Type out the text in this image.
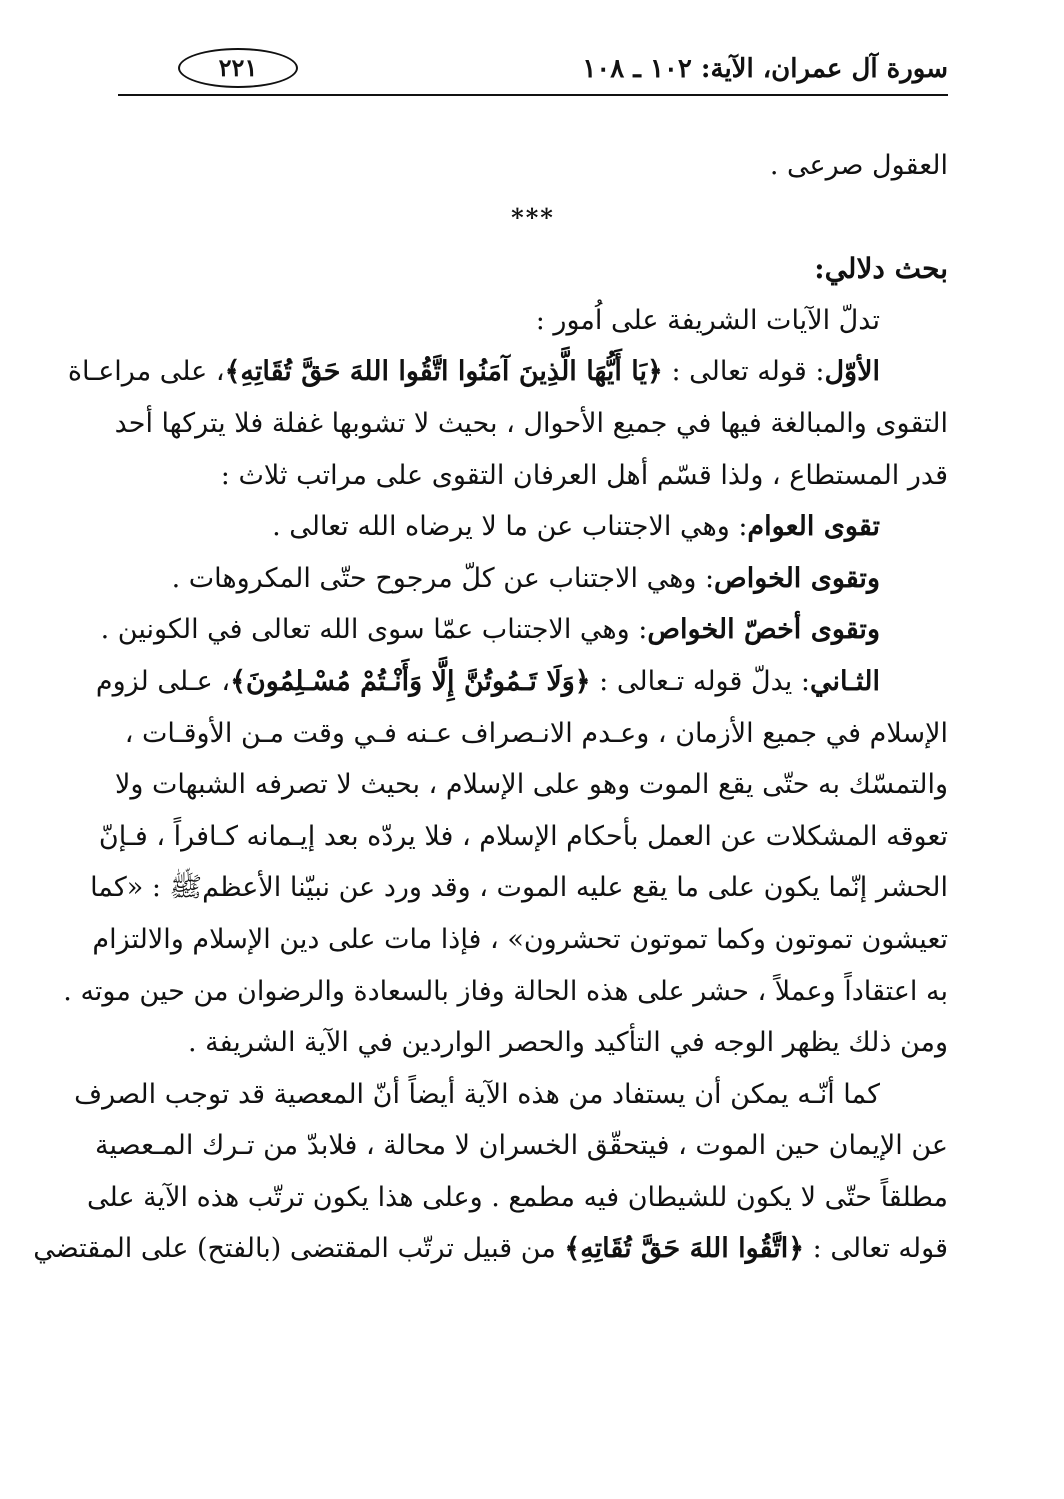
سورة آل عمران، الآية: ١٠٢ ـ ١٠٨
٢٢١
العقول صرعى .
***
بحث دلالي:
تدلّ الآيات الشريفة على اُمور :
الأوّل: قوله تعالى : ﴿يَا أَيُّهَا الَّذِينَ آمَنُوا اتَّقُوا اللهَ حَقَّ تُقَاتِهِ﴾، على مراعـاة
التقوى والمبالغة فيها في جميع الأحوال ، بحيث لا تشوبها غفلة فلا يتركها أحد
قدر المستطاع ، ولذا قسّم أهل العرفان التقوى على مراتب ثلاث :
تقوى العوام: وهي الاجتناب عن ما لا يرضاه الله تعالى .
وتقوى الخواص: وهي الاجتناب عن كلّ مرجوح حتّى المكروهات .
وتقوى أخصّ الخواص: وهي الاجتناب عمّا سوى الله تعالى في الكونين .
الثـاني: يدلّ قوله تـعالى : ﴿وَلَا تَـمُوتُنَّ إِلَّا وَأَنْـتُمْ مُسْـلِمُونَ﴾، عـلى لزوم
الإسلام في جميع الأزمان ، وعـدم الانـصراف عـنه فـي وقت مـن الأوقـات ،
والتمسّك به حتّى يقع الموت وهو على الإسلام ، بحيث لا تصرفه الشبهات ولا
تعوقه المشكلات عن العمل بأحكام الإسلام ، فلا يردّه بعد إيـمانه كـافراً ، فـإنّ
الحشر إنّما يكون على ما يقع عليه الموت ، وقد ورد عن نبيّنا الأعظمﷺ : «كما
تعيشون تموتون وكما تموتون تحشرون» ، فإذا مات على دين الإسلام والالتزام
به اعتقاداً وعملاً ، حشر على هذه الحالة وفاز بالسعادة والرضوان من حين موته .
ومن ذلك يظهر الوجه في التأكيد والحصر الواردين في الآية الشريفة .
كما أنّـه يمكن أن يستفاد من هذه الآية أيضاً أنّ المعصية قد توجب الصرف
عن الإيمان حين الموت ، فيتحقّق الخسران لا محالة ، فلابدّ من تـرك المـعصية
مطلقاً حتّى لا يكون للشيطان فيه مطمع . وعلى هذا يكون ترتّب هذه الآية على
قوله تعالى : ﴿اتَّقُوا اللهَ حَقَّ تُقَاتِهِ﴾ من قبيل ترتّب المقتضى (بالفتح) على المقتضي
